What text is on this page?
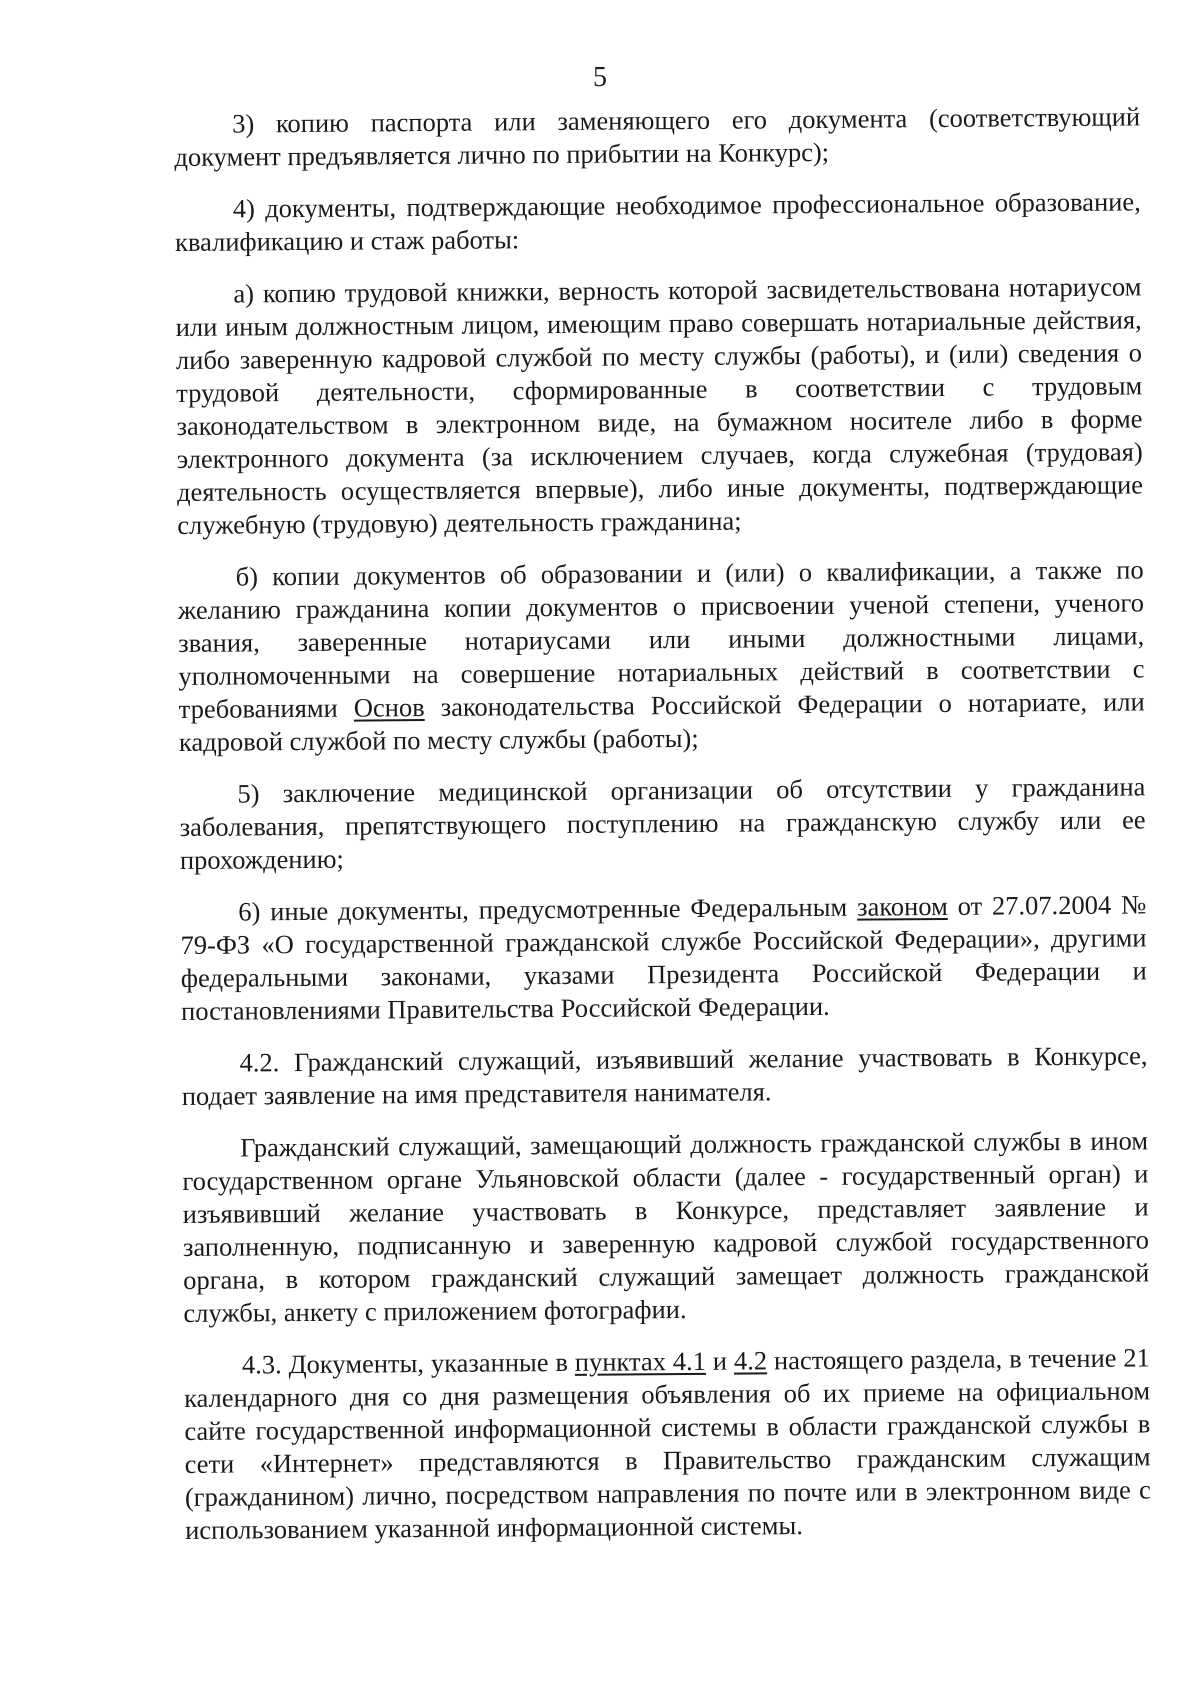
5

3) копию паспорта или заменяющего его документа (соответствующий документ предъявляется лично по прибытии на Конкурс);

4) документы, подтверждающие необходимое профессиональное образование, квалификацию и стаж работы:

а) копию трудовой книжки, верность которой засвидетельствована нотариусом или иным должностным лицом, имеющим право совершать нотариальные действия, либо заверенную кадровой службой по месту службы (работы), и (или) сведения о трудовой деятельности, сформированные в соответствии с трудовым законодательством в электронном виде, на бумажном носителе либо в форме электронного документа (за исключением случаев, когда служебная (трудовая) деятельность осуществляется впервые), либо иные документы, подтверждающие служебную (трудовую) деятельность гражданина;

б) копии документов об образовании и (или) о квалификации, а также по желанию гражданина копии документов о присвоении ученой степени, ученого звания, заверенные нотариусами или иными должностными лицами, уполномоченными на совершение нотариальных действий в соответствии с требованиями Основ законодательства Российской Федерации о нотариате, или кадровой службой по месту службы (работы);

5) заключение медицинской организации об отсутствии у гражданина заболевания, препятствующего поступлению на гражданскую службу или ее прохождению;

6) иные документы, предусмотренные Федеральным законом от 27.07.2004 № 79-ФЗ «О государственной гражданской службе Российской Федерации», другими федеральными законами, указами Президента Российской Федерации и постановлениями Правительства Российской Федерации.

4.2. Гражданский служащий, изъявивший желание участвовать в Конкурсе, подает заявление на имя представителя нанимателя.

Гражданский служащий, замещающий должность гражданской службы в ином государственном органе Ульяновской области (далее - государственный орган) и изъявивший желание участвовать в Конкурсе, представляет заявление и заполненную, подписанную и заверенную кадровой службой государственного органа, в котором гражданский служащий замещает должность гражданской службы, анкету с приложением фотографии.

4.3. Документы, указанные в пунктах 4.1 и 4.2 настоящего раздела, в течение 21 календарного дня со дня размещения объявления об их приеме на официальном сайте государственной информационной системы в области гражданской службы в сети «Интернет» представляются в Правительство гражданским служащим (гражданином) лично, посредством направления по почте или в электронном виде с использованием указанной информационной системы.
